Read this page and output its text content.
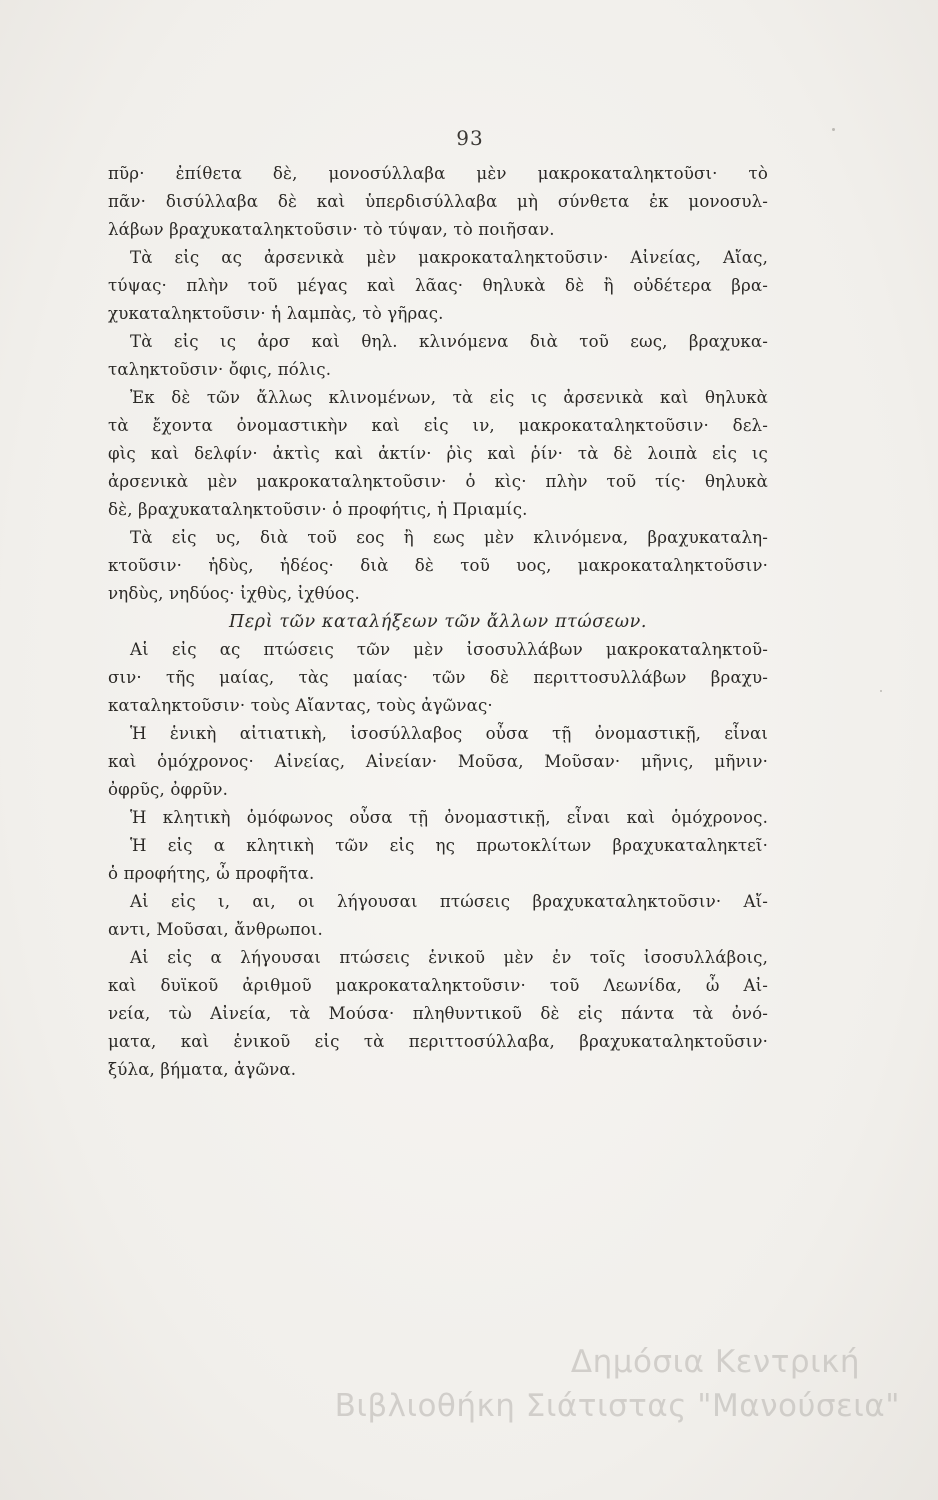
93
πῦρ· ἐπίθετα δὲ, μονοσύλλαβα μὲν μακροκαταληκτοῦσι· τὸ
πᾶν· δισύλλαβα δὲ καὶ ὑπερδισύλλαβα μὴ σύνθετα ἐκ μονοσυλ-
λάβων βραχυκαταληκτοῦσιν· τὸ τύψαν, τὸ ποιῆσαν.
Τὰ εἰς ας ἀρσενικὰ μὲν μακροκαταληκτοῦσιν· Αἰνείας, Αἴας,
τύψας· πλὴν τοῦ μέγας καὶ λᾶας· θηλυκὰ δὲ ἢ οὐδέτερα βρα-
χυκαταληκτοῦσιν· ἡ λαμπὰς, τὸ γῆρας.
Τὰ εἰς ις ἀρσ καὶ θηλ. κλινόμενα διὰ τοῦ εως, βραχυκα-
ταληκτοῦσιν· ὄφις, πόλις.
Ἐκ δὲ τῶν ἄλλως κλινομένων, τὰ εἰς ις ἀρσενικὰ καὶ θηλυκὰ
τὰ ἔχοντα ὀνομαστικὴν καὶ εἰς ιν, μακροκαταληκτοῦσιν· δελ-
φὶς καὶ δελφίν· ἀκτὶς καὶ ἀκτίν· ῥὶς καὶ ῥίν· τὰ δὲ λοιπὰ εἰς ις
ἀρσενικὰ μὲν μακροκαταληκτοῦσιν· ὁ κὶς· πλὴν τοῦ τίς· θηλυκὰ
δὲ, βραχυκαταληκτοῦσιν· ὁ προφήτις, ἡ Πριαμίς.
Τὰ εἰς υς, διὰ τοῦ εος ἢ εως μὲν κλινόμενα, βραχυκαταλη-
κτοῦσιν· ἡδὺς, ἡδέος· διὰ δὲ τοῦ υος, μακροκαταληκτοῦσιν·
νηδὺς, νηδύος· ἰχθὺς, ἰχθύος.
Περὶ τῶν καταλήξεων τῶν ἄλλων πτώσεων.
Αἱ εἰς ας πτώσεις τῶν μὲν ἰσοσυλλάβων μακροκαταληκτοῦ-
σιν· τῆς μαίας, τὰς μαίας· τῶν δὲ περιττοσυλλάβων βραχυ-
καταληκτοῦσιν· τοὺς Αἴαντας, τοὺς ἀγῶνας·
Ἡ ἑνικὴ αἰτιατικὴ, ἰσοσύλλαβος οὖσα τῇ ὀνομαστικῇ, εἶναι
καὶ ὁμόχρονος· Αἰνείας, Αἰνείαν· Μοῦσα, Μοῦσαν· μῆνις, μῆνιν·
ὀφρῦς, ὀφρῦν.
Ἡ κλητικὴ ὁμόφωνος οὖσα τῇ ὀνομαστικῇ, εἶναι καὶ ὁμόχρονος.
Ἡ εἰς α κλητικὴ τῶν εἰς ης πρωτοκλίτων βραχυκαταληκτεῖ·
ὁ προφήτης, ὦ προφῆτα.
Αἱ εἰς ι, αι, οι λήγουσαι πτώσεις βραχυκαταληκτοῦσιν· Αἴ-
αντι, Μοῦσαι, ἄνθρωποι.
Αἱ εἰς α λήγουσαι πτώσεις ἑνικοῦ μὲν ἐν τοῖς ἰσοσυλλάβοις,
καὶ δυϊκοῦ ἀριθμοῦ μακροκαταληκτοῦσιν· τοῦ Λεωνίδα, ὦ Αἰ-
νεία, τὼ Αἰνεία, τὰ Μούσα· πληθυντικοῦ δὲ εἰς πάντα τὰ ὀνό-
ματα, καὶ ἑνικοῦ εἰς τὰ περιττοσύλλαβα, βραχυκαταληκτοῦσιν·
ξύλα, βήματα, ἀγῶνα.
Δημόσια Κεντρική
Βιβλιοθήκη Σιάτιστας "Μανούσεια"
